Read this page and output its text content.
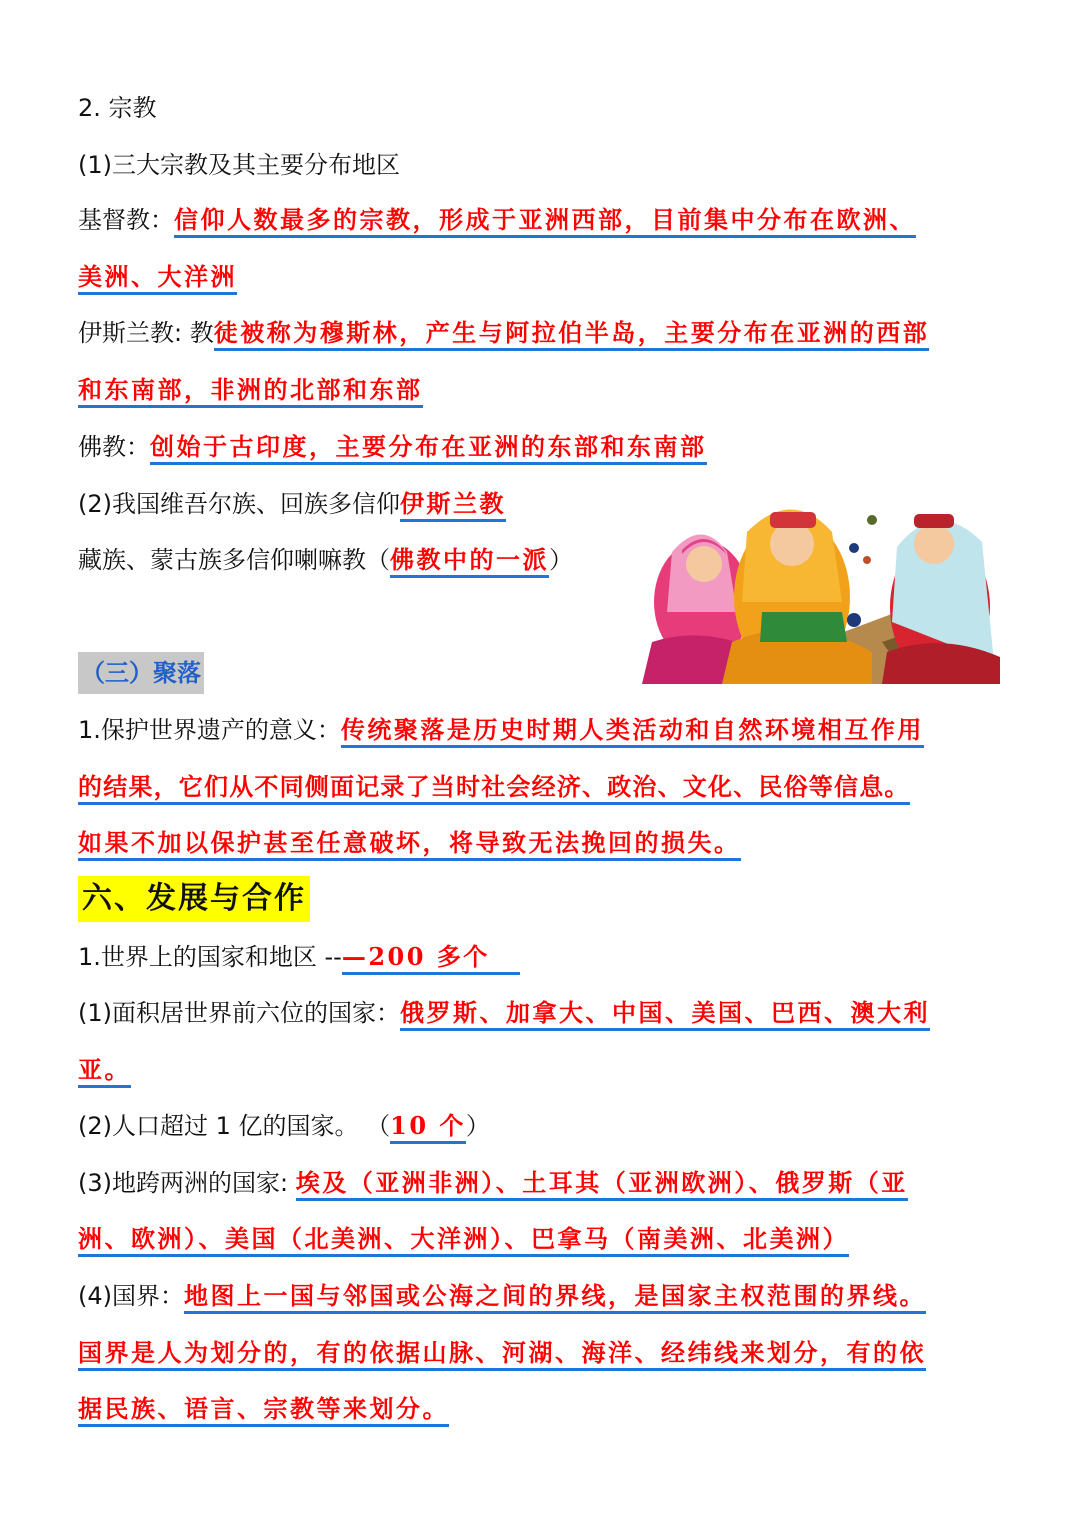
2. 宗教
(1)三大宗教及其主要分布地区
基督教：信仰人数最多的宗教，形成于亚洲西部，目前集中分布在欧洲、
美洲、大洋洲
伊斯兰教: 教徒被称为穆斯林，产生与阿拉伯半岛，主要分布在亚洲的西部
和东南部，非洲的北部和东部
佛教：创始于古印度，主要分布在亚洲的东部和东南部
(2)我国维吾尔族、回族多信仰伊斯兰教
藏族、蒙古族多信仰喇嘛教（佛教中的一派）
（三）聚落
1.保护世界遗产的意义：传统聚落是历史时期人类活动和自然环境相互作用
的结果，它们从不同侧面记录了当时社会经济、政治、文化、民俗等信息。
如果不加以保护甚至任意破坏，将导致无法挽回的损失。
六、发展与合作
1.世界上的国家和地区 --—200 多个
(1)面积居世界前六位的国家：俄罗斯、加拿大、中国、美国、巴西、澳大利
亚。
(2)人口超过 1 亿的国家。 （10 个）
(3)地跨两洲的国家: 埃及（亚洲非洲）、土耳其（亚洲欧洲）、俄罗斯（亚
洲、欧洲）、美国（北美洲、大洋洲）、巴拿马（南美洲、北美洲）
(4)国界：地图上一国与邻国或公海之间的界线，是国家主权范围的界线。
国界是人为划分的，有的依据山脉、河湖、海洋、经纬线来划分，有的依
据民族、语言、宗教等来划分。
